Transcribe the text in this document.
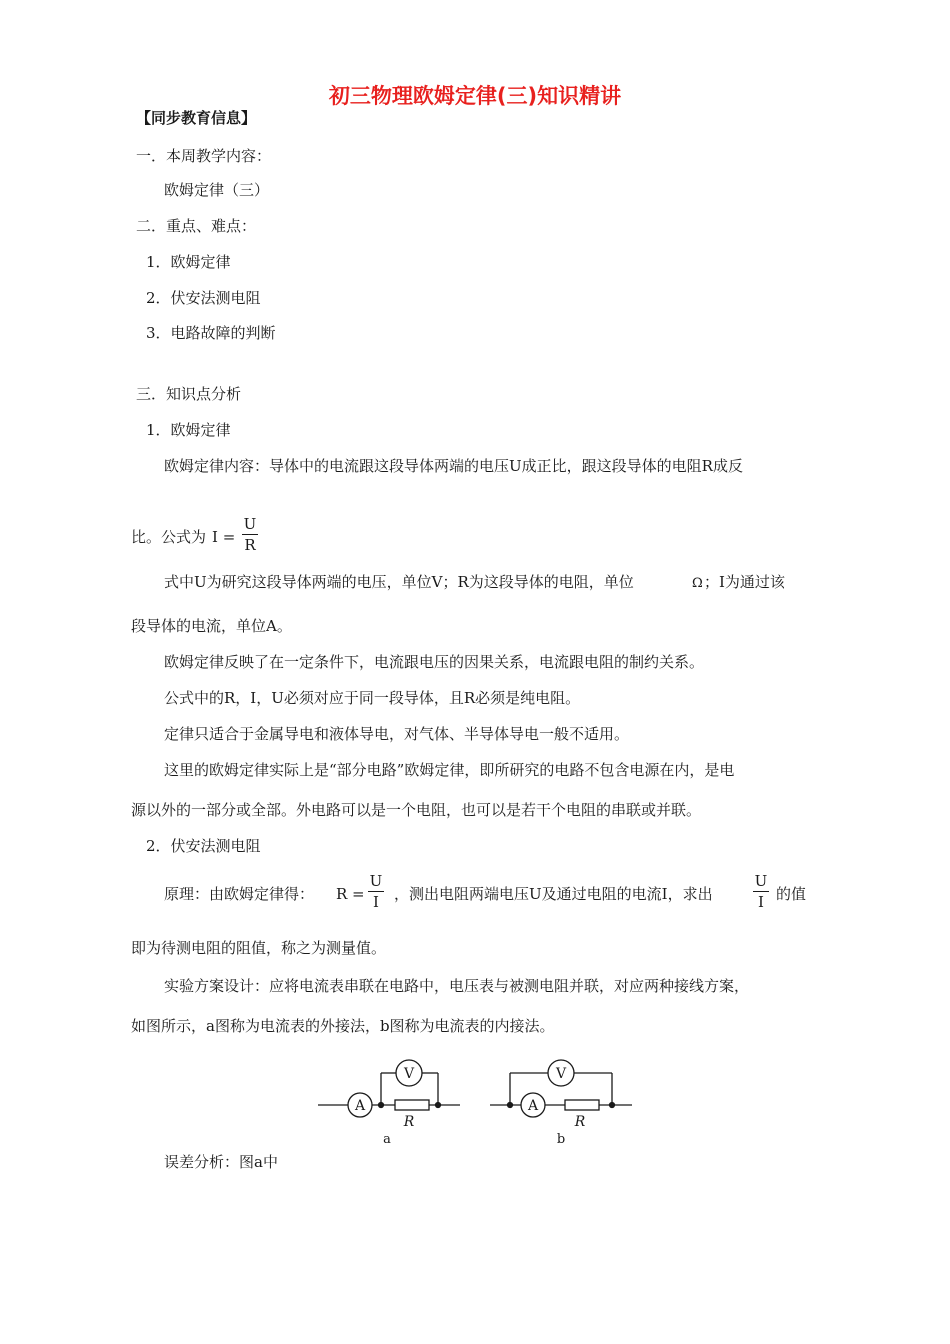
初三物理欧姆定律(三)知识精讲
【同步教育信息】
一．本周教学内容：
欧姆定律（三）
二．重点、难点：
1．欧姆定律
2．伏安法测电阻
3．电路故障的判断
三．知识点分析
1．欧姆定律
欧姆定律内容：导体中的电流跟这段导体两端的电压U成正比，跟这段导体的电阻R成反
比。公式为 I =
U
R
式中U为研究这段导体两端的电压，单位V；R为这段导体的电阻，单位	Ω ；I为通过该
段导体的电流，单位A。
欧姆定律反映了在一定条件下，电流跟电压的因果关系，电流跟电阻的制约关系。
公式中的R，I，U必须对应于同一段导体，且R必须是纯电阻。
定律只适合于金属导电和液体导电，对气体、半导体导电一般不适用。
这里的欧姆定律实际上是“部分电路”欧姆定律，即所研究的电路不包含电源在内，是电
源以外的一部分或全部。外电路可以是一个电阻，也可以是若干个电阻的串联或并联。
2．伏安法测电阻
原理：由欧姆定律得： R =
U
I ，测出电阻两端电压U及通过电阻的电流I，求出
U
I 的值
即为待测电阻的阻值，称之为测量值。
实验方案设计：应将电流表串联在电路中，电压表与被测电阻并联，对应两种接线方案，
如图所示，a图称为电流表的外接法，b图称为电流表的内接法。
A
V
R
a
A
V
R
b
误差分析：图a中
